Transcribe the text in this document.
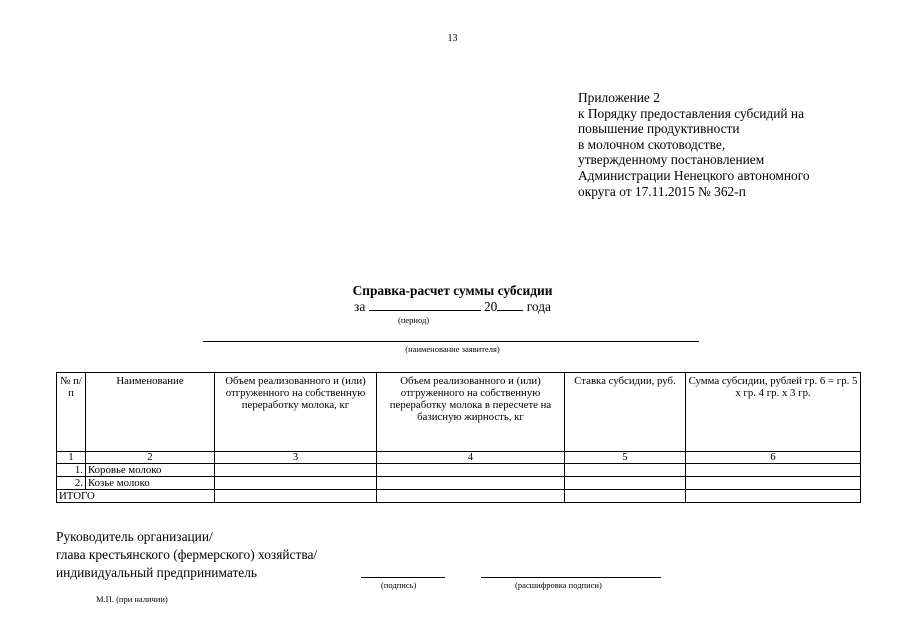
13
Приложение 2
к Порядку предоставления субсидий на
повышение продуктивности
в молочном скотоводстве,
утвержденному постановлением
Администрации Ненецкого автономного
округа от 17.11.2015 № 362-п
Справка-расчет суммы субсидии
за	20 года
(период)
(наименование заявителя)
№ п/п	Наименование	Объем реализованного и (или) отгруженного на собственную переработку молока, кг	Объем реализованного и (или) отгруженного на собственную переработку молока в пересчете на базисную жирность, кг	Ставка субсидии, руб.	Сумма субсидии, рублей гр. 6 = гр. 5 х гр. 4 гр. х 3 гр.
1	2	3	4	5	6
1.	Коровье молоко				
2.	Козье молоко				
ИТОГО					
Руководитель организации/
глава крестьянского (фермерского) хозяйства/
индивидуальный предприниматель
(подпись)	(расшифровка подписи)
М.П. (при наличии)
